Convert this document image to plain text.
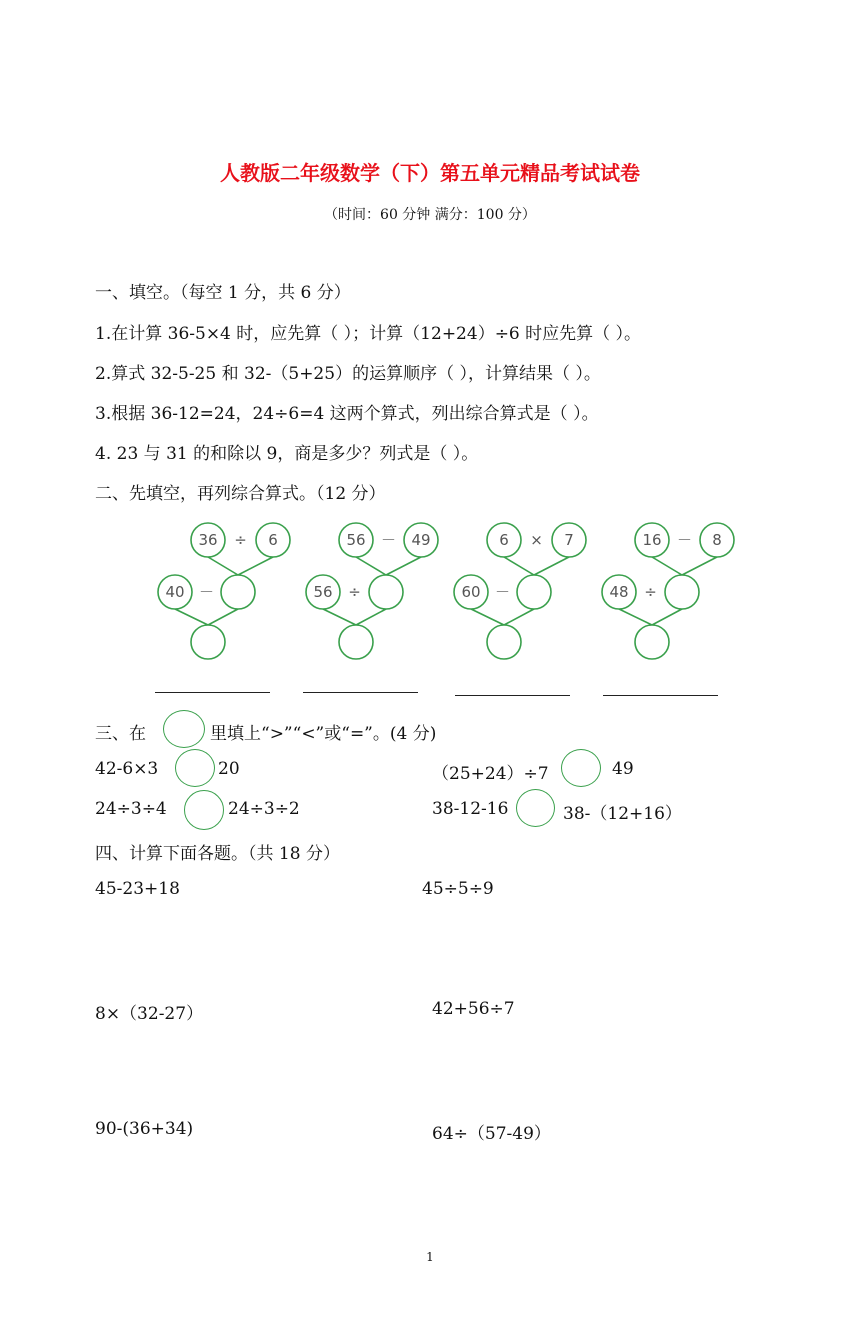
人教版二年级数学（下）第五单元精品考试试卷
（时间：60 分钟 满分：100 分）
一、填空。（每空 1 分，共 6 分）
1.在计算 36-5×4 时，应先算（ ）；计算（12+24）÷6 时应先算（ ）。
2.算式 32-5-25 和 32-（5+25）的运算顺序（ ），计算结果（ ）。
3.根据 36-12=24，24÷6=4 这两个算式，列出综合算式是（ ）。
4. 23 与 31 的和除以 9，商是多少？列式是（ ）。
二、先填空，再列综合算式。（12 分）
36 ÷ 6
40 －
56 － 49
56 ÷
6 × 7
60 －
16 － 8
48 ÷
三、在	里填上“>”“<”或“=”。(4 分)
42-6×3	20	（25+24）÷7	49
24÷3÷4	24÷3÷2	38-12-16	38-（12+16）
四、计算下面各题。（共 18 分）
45-23+18	45÷5÷9
8×（32-27）	42+56÷7
90-(36+34)	64÷（57-49）
1
